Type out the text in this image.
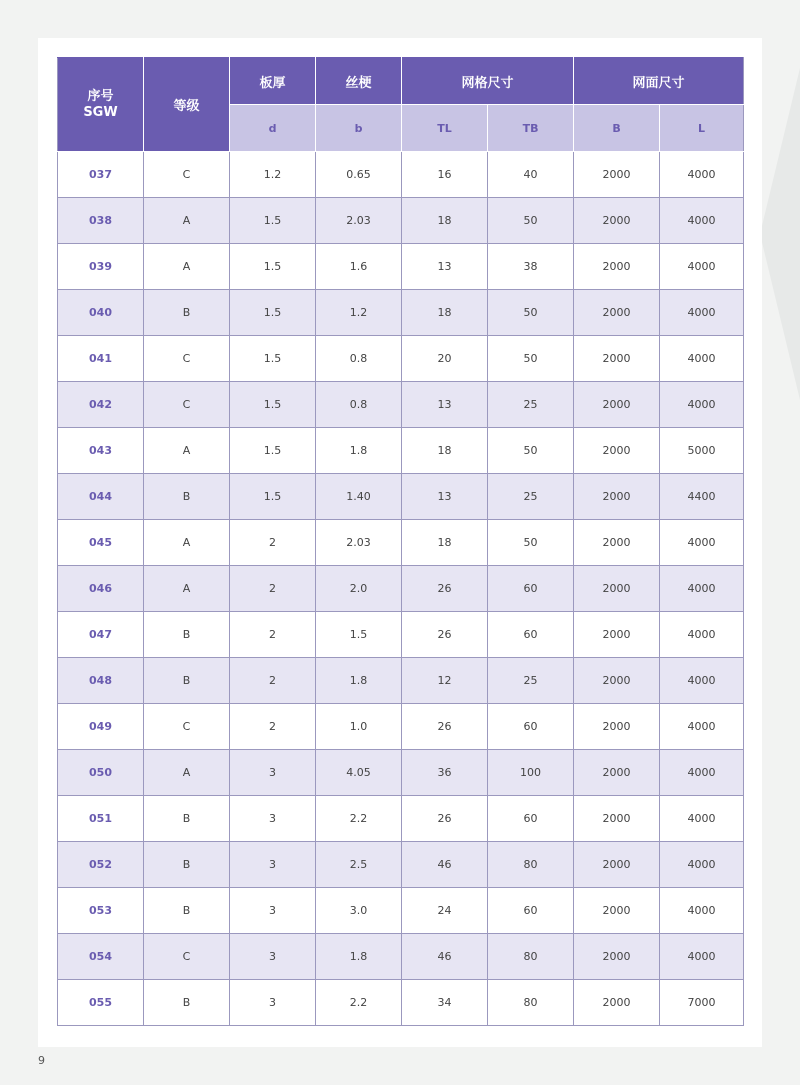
序号
SGW	等级	板厚	丝梗	网格尺寸		网面尺寸	
		d	b	TL	TB	B	L
037	C	1.2	0.65	16	40	2000	4000
038	A	1.5	2.03	18	50	2000	4000
039	A	1.5	1.6	13	38	2000	4000
040	B	1.5	1.2	18	50	2000	4000
041	C	1.5	0.8	20	50	2000	4000
042	C	1.5	0.8	13	25	2000	4000
043	A	1.5	1.8	18	50	2000	5000
044	B	1.5	1.40	13	25	2000	4400
045	A	2	2.03	18	50	2000	4000
046	A	2	2.0	26	60	2000	4000
047	B	2	1.5	26	60	2000	4000
048	B	2	1.8	12	25	2000	4000
049	C	2	1.0	26	60	2000	4000
050	A	3	4.05	36	100	2000	4000
051	B	3	2.2	26	60	2000	4000
052	B	3	2.5	46	80	2000	4000
053	B	3	3.0	24	60	2000	4000
054	C	3	1.8	46	80	2000	4000
055	B	3	2.2	34	80	2000	7000
9
